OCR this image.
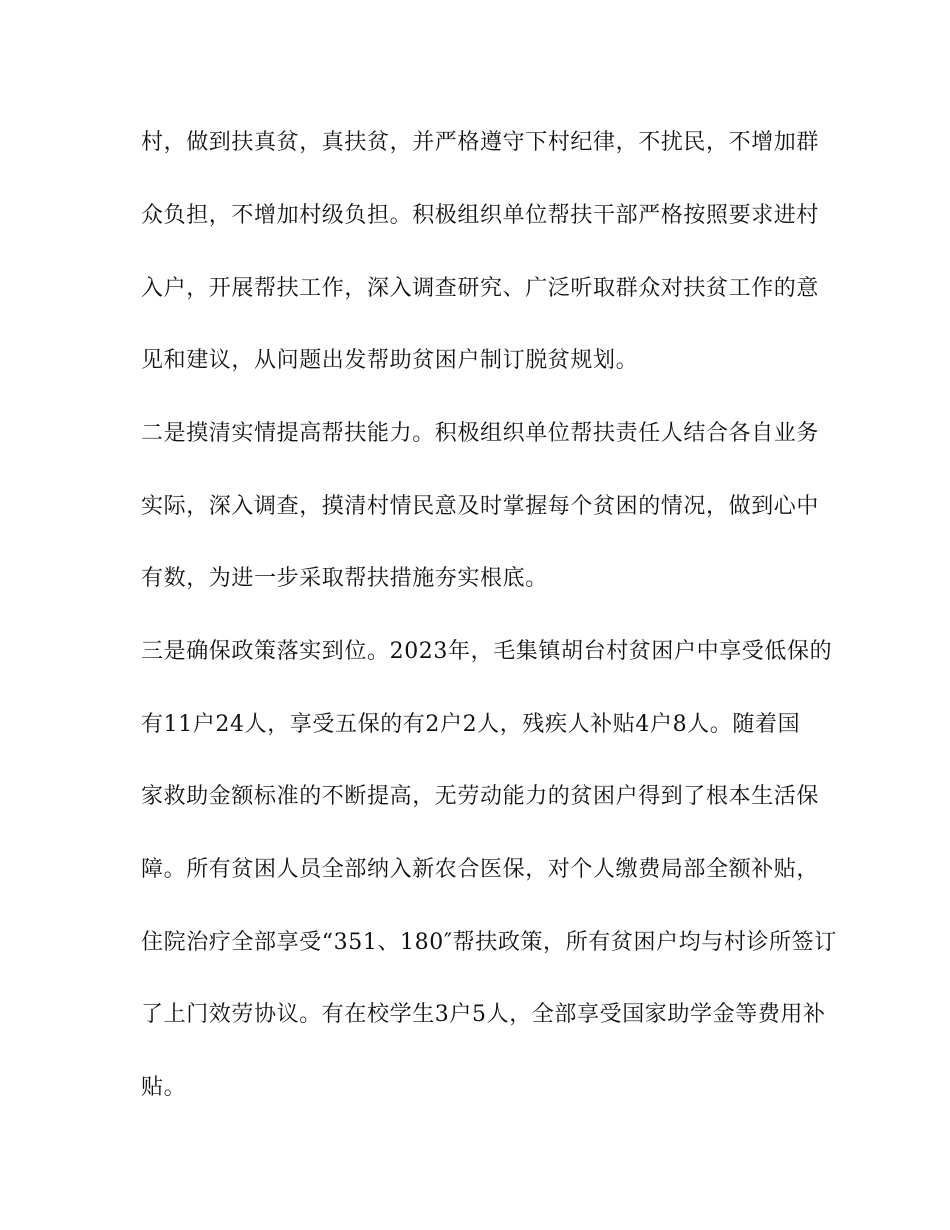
村，做到扶真贫，真扶贫，并严格遵守下村纪律，不扰民，不增加群
众负担，不增加村级负担。积极组织单位帮扶干部严格按照要求进村
入户，开展帮扶工作，深入调查研究、广泛听取群众对扶贫工作的意
见和建议，从问题出发帮助贫困户制订脱贫规划。
二是摸清实情提高帮扶能力。积极组织单位帮扶责任人结合各自业务
实际，深入调查，摸清村情民意及时掌握每个贫困的情况，做到心中
有数，为进一步采取帮扶措施夯实根底。
三是确保政策落实到位。2023年，毛集镇胡台村贫困户中享受低保的
有11户24人，享受五保的有2户2人，残疾人补贴4户8人。随着国
家救助金额标准的不断提高，无劳动能力的贫困户得到了根本生活保
障。所有贫困人员全部纳入新农合医保，对个人缴费局部全额补贴，
住院治疗全部享受“351、180″帮扶政策，所有贫困户均与村诊所签订
了上门效劳协议。有在校学生3户5人，全部享受国家助学金等费用补
贴。
